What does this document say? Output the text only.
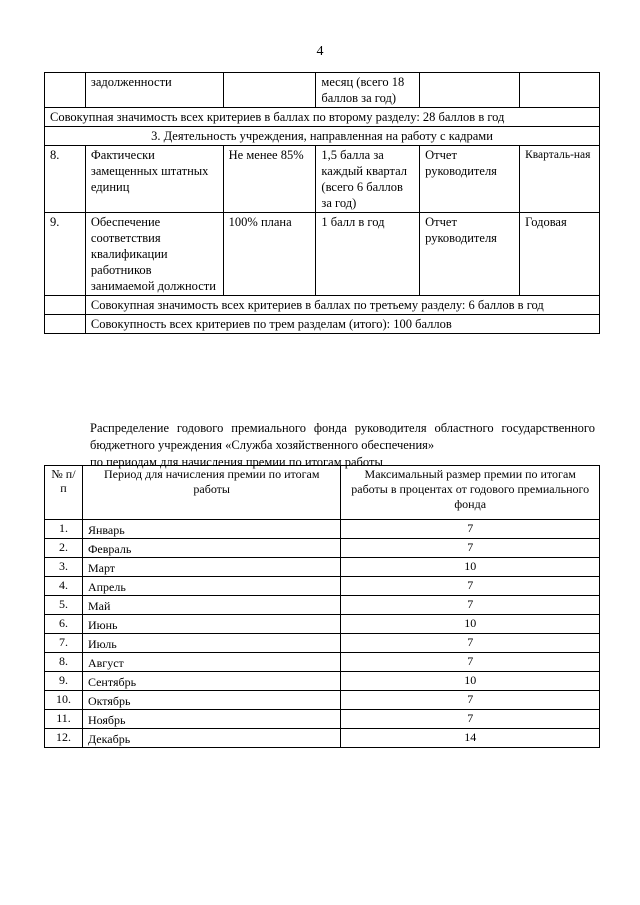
4
	задолженности		месяц (всего 18 баллов за год)		
Совокупная значимость всех критериев в баллах по второму разделу: 28 баллов в год					
3. Деятельность учреждения, направленная на работу с кадрами					
8.	Фактически замещенных штатных единиц	Не менее 85%	1,5 балла за каждый квартал (всего 6 баллов за год)	Отчет руководителя	Кварталь-ная
9.	Обеспечение соответствия квалификации работников занимаемой должности	100% плана	1 балл в год	Отчет руководителя	Годовая
	Совокупная значимость всех критериев в баллах по третьему разделу: 6 баллов в год				
	Совокупность всех критериев по трем разделам (итого): 100 баллов				
Распределение годового премиального фонда руководителя областного государственного бюджетного учреждения «Служба хозяйственного обеспечения»
по периодам для начисления премии по итогам работы
№ п/п	Период для начисления премии по итогам работы	Максимальный размер премии по итогам работы в процентах от годового премиального фонда
1.	Январь	7
2.	Февраль	7
3.	Март	10
4.	Апрель	7
5.	Май	7
6.	Июнь	10
7.	Июль	7
8.	Август	7
9.	Сентябрь	10
10.	Октябрь	7
11.	Ноябрь	7
12.	Декабрь	14
